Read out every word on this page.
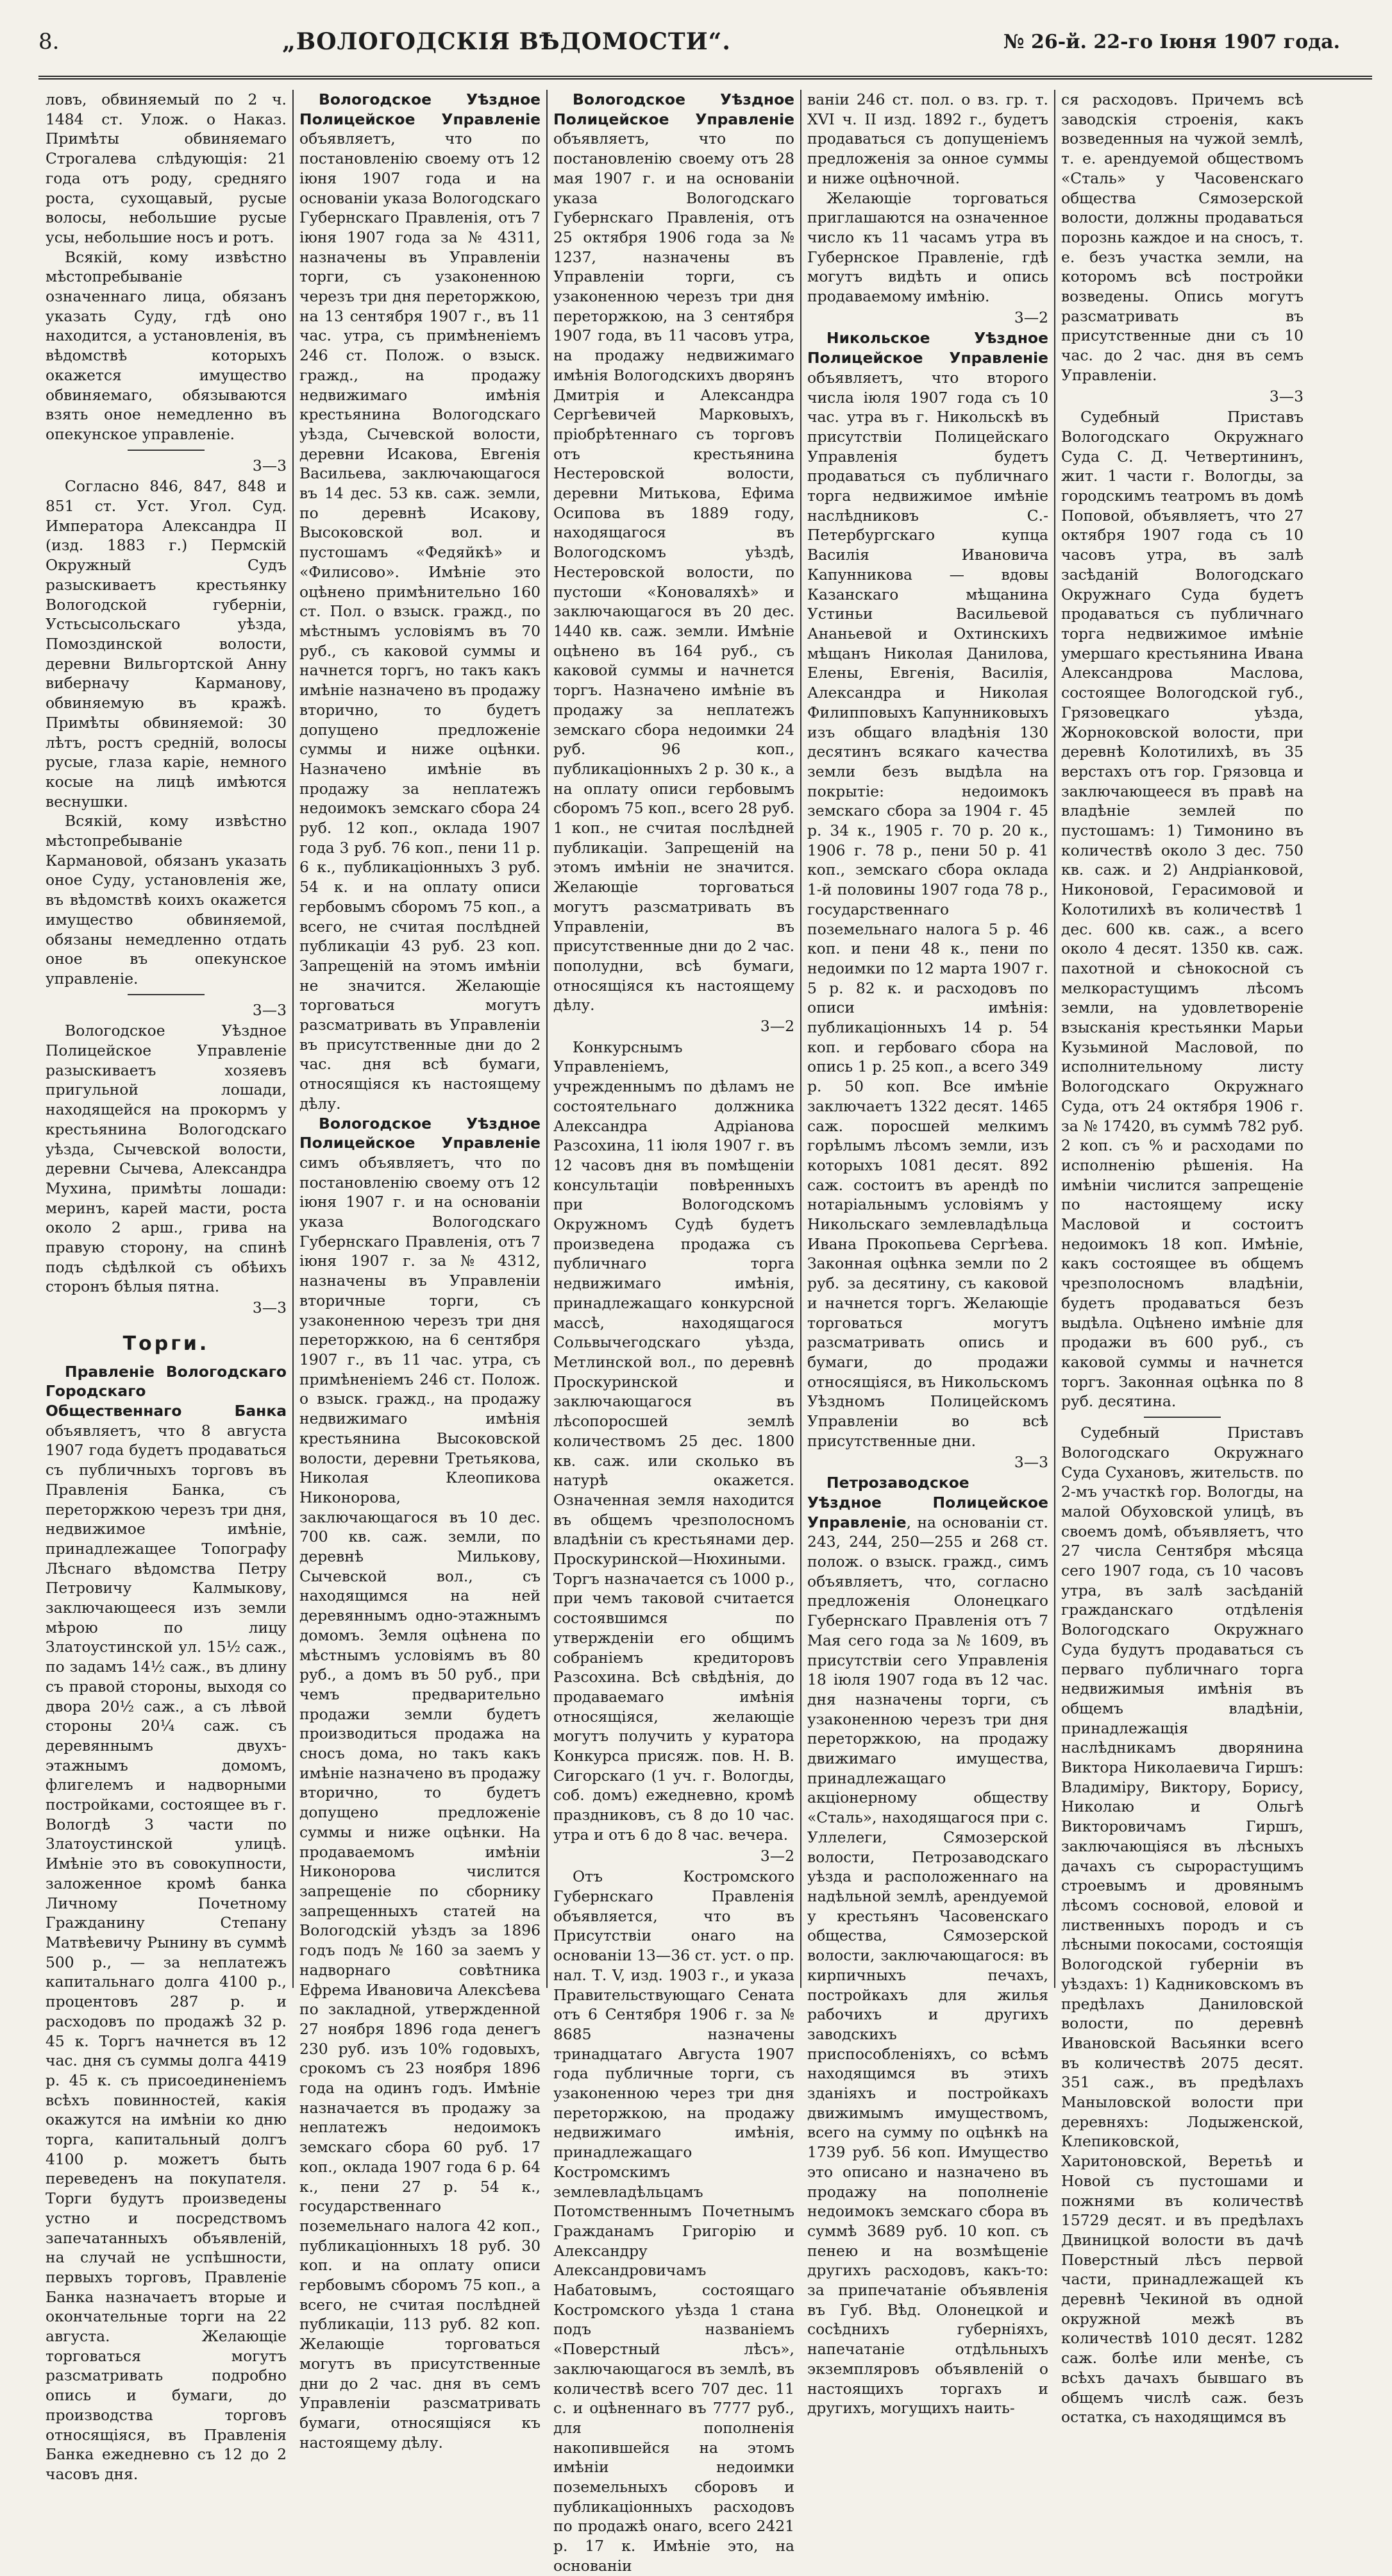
8.	„ВОЛОГОДСКІЯ ВѢДОМОСТИ“.	№ 26-й. 22-го Іюня 1907 года.

ловъ, обвиняемый по 2 ч. 1484 ст. Улож. о Наказ. Примѣты обвиняемаго Строгалева слѣдующія: 21 года отъ роду, средняго роста, сухощавый, русые волосы, небольшие русые усы, небольшие носъ и ротъ.

Всякій, кому извѣстно мѣстопребываніе означеннаго лица, обязанъ указать Суду, гдѣ оно находится, а установленія, въ вѣдомствѣ которыхъ окажется имущество обвиняемаго, обязываются взять оное немедленно въ опекунское управленіе.

3—3

Согласно 846, 847, 848 и 851 ст. Уст. Угол. Суд. Императора Александра II (изд. 1883 г.) Пермскій Окружный Судъ разыскиваетъ крестьянку Вологодской губерніи, Устьсысольскаго уѣзда, Помоздинской волости, деревни Вильгортской Анну виберначу Карманову, обвиняемую въ кражѣ. Примѣты обвиняемой: 30 лѣтъ, ростъ средній, волосы русые, глаза каріе, немного косые на лицѣ имѣются веснушки.

Всякій, кому извѣстно мѣстопребываніе Кармановой, обязанъ указать оное Суду, установленія же, въ вѣдомствѣ коихъ окажется имущество обвиняемой, обязаны немедленно отдать оное въ опекунское управленіе.

3—3

Вологодское Уѣздное Полицейское Управленіе разыскиваетъ хозяевъ пригульной лошади, находящейся на прокормъ у крестьянина Вологодскаго уѣзда, Сычевской волости, деревни Сычева, Александра Мухина, примѣты лошади: меринъ, карей масти, роста около 2 арш., грива на правую сторону, на спинѣ подъ сѣдѣлкой съ обѣихъ сторонъ бѣлыя пятна.

3—3
Торги.

Правленіе Вологодскаго Городскаго Общественнаго Банка объявляетъ, что 8 августа 1907 года будетъ продаваться съ публичныхъ торговъ въ Правленія Банка, съ переторжкою черезъ три дня, недвижимое имѣніе, принадлежащее Топографу Лѣснаго вѣдомства Петру Петровичу Калмыкову, заключающееся изъ земли мѣрою по лицу Златоустинской ул. 15½ саж., по задамъ 14½ саж., въ длину съ правой стороны, выходя со двора 20½ саж., а съ лѣвой стороны 20¼ саж. съ деревяннымъ двухъ-этажнымъ домомъ, флигелемъ и надворными постройками, состоящее въ г. Вологдѣ 3 части по Златоустинской улицѣ. Имѣніе это въ совокупности, заложенное кромѣ банка Личному Почетному Гражданину Степану Матвѣевичу Рынину въ суммѣ 500 р., — за неплатежъ капитальнаго долга 4100 р., процентовъ 287 р. и расходовъ по продажѣ 32 р. 45 к. Торгъ начнется въ 12 час. дня съ суммы долга 4419 р. 45 к. съ присоединеніемъ всѣхъ повинностей, какія окажутся на имѣніи ко дню торга, капитальный долгъ 4100 р. можетъ быть переведенъ на покупателя. Торги будутъ произведены устно и посредствомъ запечатанныхъ объявленій, на случай не успѣшности, первыхъ торговъ, Правленіе Банка назначаетъ вторые и окончательные торги на 22 августа. Желающіе торговаться могутъ разсматривать подробно опись и бумаги, до производства торговъ относящіяся, въ Правленія Банка ежедневно съ 12 до 2 часовъ дня.

Вологодское Уѣздное Полицейское Управленіе объявляетъ, что по постановленію своему отъ 12 іюня 1907 года и на основаніи указа Вологодскаго Губернскаго Правленія, отъ 7 іюня 1907 года за № 4311, назначены въ Управленіи торги, съ узаконенною черезъ три дня переторжкою, на 13 сентября 1907 г., въ 11 час. утра, съ примѣненіемъ 246 ст. Полож. о взыск. гражд., на продажу недвижимаго имѣнія крестьянина Вологодскаго уѣзда, Сычевской волости, деревни Исакова, Евгенія Васильева, заключающагося въ 14 дес. 53 кв. саж. земли, по деревнѣ Исакову, Высоковской вол. и пустошамъ «Федяйкѣ» и «Филисово». Имѣніе это оцѣнено примѣнительно 160 ст. Пол. о взыск. гражд., по мѣстнымъ условіямъ въ 70 руб., съ каковой суммы и начнется торгъ, но такъ какъ имѣніе назначено въ продажу вторично, то будетъ допущено предложеніе суммы и ниже оцѣнки. Назначено имѣніе въ продажу за неплатежъ недоимокъ земскаго сбора 24 руб. 12 коп., оклада 1907 года 3 руб. 76 коп., пени 11 р. 6 к., публикаціонныхъ 3 руб. 54 к. и на оплату описи гербовымъ сборомъ 75 коп., а всего, не считая послѣдней публикаціи 43 руб. 23 коп. Запрещеній на этомъ имѣніи не значится. Желающіе торговаться могутъ разсматривать въ Управленіи въ присутственные дни до 2 час. дня всѣ бумаги, относящіяся къ настоящему дѣлу.

Вологодское Уѣздное Полицейское Управленіе симъ объявляетъ, что по постановленію своему отъ 12 іюня 1907 г. и на основаніи указа Вологодскаго Губернскаго Правленія, отъ 7 іюня 1907 г. за № 4312, назначены въ Управленіи вторичные торги, съ узаконенною черезъ три дня переторжкою, на 6 сентября 1907 г., въ 11 час. утра, съ примѣненіемъ 246 ст. Полож. о взыск. гражд., на продажу недвижимаго имѣнія крестьянина Высоковской волости, деревни Третьякова, Николая Клеопикова Никонорова, заключающагося въ 10 дес. 700 кв. саж. земли, по деревнѣ Милькову, Сычевской вол., съ находящимся на ней деревяннымъ одно-этажнымъ домомъ. Земля оцѣнена по мѣстнымъ условіямъ въ 80 руб., а домъ въ 50 руб., при чемъ предварительно продажи земли будетъ производиться продажа на сносъ дома, но такъ какъ имѣніе назначено въ продажу вторично, то будетъ допущено предложеніе суммы и ниже оцѣнки. На продаваемомъ имѣніи Никонорова числится запрещеніе по сборнику запрещенныхъ статей на Вологодскій уѣздъ за 1896 годъ подъ № 160 за заемъ у надворнаго совѣтника Ефрема Ивановича Алексѣева по закладной, утвержденной 27 ноября 1896 года денегъ 230 руб. изъ 10% годовыхъ, срокомъ съ 23 ноября 1896 года на одинъ годъ. Имѣніе назначается въ продажу за неплатежъ недоимокъ земскаго сбора 60 руб. 17 коп., оклада 1907 года 6 р. 64 к., пени 27 р. 54 к., государственнаго поземельнаго налога 42 коп., публикаціонныхъ 18 руб. 30 коп. и на оплату описи гербовымъ сборомъ 75 коп., а всего, не считая послѣдней публикаціи, 113 руб. 82 коп. Желающіе торговаться могутъ въ присутственные дни до 2 час. дня въ семъ Управленіи разсматривать бумаги, относящіяся къ настоящему дѣлу.

Вологодское Уѣздное Полицейское Управленіе объявляетъ, что по постановленію своему отъ 28 мая 1907 г. и на основаніи указа Вологодскаго Губернскаго Правленія, отъ 25 октября 1906 года за № 1237, назначены въ Управленіи торги, съ узаконенною черезъ три дня переторжкою, на 3 сентября 1907 года, въ 11 часовъ утра, на продажу недвижимаго имѣнія Вологодскихъ дворянъ Дмитрія и Александра Сергѣевичей Марковыхъ, пріобрѣтеннаго съ торговъ отъ крестьянина Нестеровской волости, деревни Митькова, Ефима Осипова въ 1889 году, находящагося въ Вологодскомъ уѣздѣ, Нестеровской волости, по пустоши «Коноваляхѣ» и заключающагося въ 20 дес. 1440 кв. саж. земли. Имѣніе оцѣнено въ 164 руб., съ каковой суммы и начнется торгъ. Назначено имѣніе въ продажу за неплатежъ земскаго сбора недоимки 24 руб. 96 коп., публикаціонныхъ 2 р. 30 к., а на оплату описи гербовымъ сборомъ 75 коп., всего 28 руб. 1 коп., не считая послѣдней публикаціи. Запрещеній на этомъ имѣніи не значится. Желающіе торговаться могутъ разсматривать въ Управленіи, въ присутственные дни до 2 час. пополудни, всѣ бумаги, относящіяся къ настоящему дѣлу.

3—2

Конкурснымъ Управленіемъ, учрежденнымъ по дѣламъ не состоятельнаго должника Александра Адріанова Разсохина, 11 іюля 1907 г. въ 12 часовъ дня въ помѣщеніи консультаціи повѣренныхъ при Вологодскомъ Окружномъ Судѣ будетъ произведена продажа съ публичнаго торга недвижимаго имѣнія, принадлежащаго конкурсной массѣ, находящагося Сольвычегодскаго уѣзда, Метлинской вол., по деревнѣ Проскуринской и заключающагося въ лѣсопоросшей землѣ количествомъ 25 дес. 1800 кв. саж. или сколько въ натурѣ окажется. Означенная земля находится въ общемъ чрезполосномъ владѣніи съ крестьянами дер. Проскуринской—Нюхиными. Торгъ назначается съ 1000 р., при чемъ таковой считается состоявшимся по утвержденіи его общимъ собраніемъ кредиторовъ Разсохина. Всѣ свѣдѣнія, до продаваемаго имѣнія относящіяся, желающіе могутъ получить у куратора Конкурса присяж. пов. Н. В. Сигорскаго (1 уч. г. Вологды, соб. домъ) ежедневно, кромѣ праздниковъ, съ 8 до 10 час. утра и отъ 6 до 8 час. вечера.

3—2

Отъ Костромского Губернскаго Правленія объявляется, что въ Присутствіи онаго на основаніи 13—36 ст. уст. о пр. нал. Т. V, изд. 1903 г., и указа Правительствующаго Сената отъ 6 Сентября 1906 г. за № 8685 назначены тринадцатаго Августа 1907 года публичные торги, съ узаконенною через три дня переторжкою, на продажу недвижимаго имѣнія, принадлежащаго Костромскимъ землевладѣльцамъ Потомственнымъ Почетнымъ Гражданамъ Григорію и Александру Александровичамъ Набатовымъ, состоящаго Костромского уѣзда 1 стана подъ названіемъ «Поверстный лѣсъ», заключающагося въ землѣ, въ количествѣ всего 707 дес. 11 с. и оцѣненнаго въ 7777 руб., для пополненія накопившейся на этомъ имѣніи недоимки поземельныхъ сборовъ и публикаціонныхъ расходовъ по продажѣ онаго, всего 2421 р. 17 к. Имѣніе это, на основаніи

ваніи 246 ст. пол. о вз. гр. т. XVI ч. II изд. 1892 г., будетъ продаваться съ допущеніемъ предложенія за онное суммы и ниже оцѣночной.

Желающіе торговаться приглашаются на означенное число къ 11 часамъ утра въ Губернское Правленіе, гдѣ могутъ видѣть и опись продаваемому имѣнію.

3—2

Никольское Уѣздное Полицейское Управленіе объявляетъ, что второго числа іюля 1907 года съ 10 час. утра въ г. Никольскѣ въ присутствіи Полицейскаго Управленія будетъ продаваться съ публичнаго торга недвижимое имѣніе наслѣдниковъ С.-Петербургскаго купца Василія Ивановича Капунникова — вдовы Казанскаго мѣщанина Устиньи Васильевой Ананьевой и Охтинскихъ мѣщанъ Николая Данилова, Елены, Евгенія, Василія, Александра и Николая Филипповыхъ Капунниковыхъ изъ общаго владѣнія 130 десятинъ всякаго качества земли безъ выдѣла на покрытіе: недоимокъ земскаго сбора за 1904 г. 45 р. 34 к., 1905 г. 70 р. 20 к., 1906 г. 78 р., пени 50 р. 41 коп., земскаго сбора оклада 1-й половины 1907 года 78 р., государственнаго поземельнаго налога 5 р. 46 коп. и пени 48 к., пени по недоимки по 12 марта 1907 г. 5 р. 82 к. и расходовъ по описи имѣнія: публикаціонныхъ 14 р. 54 коп. и гербоваго сбора на опись 1 р. 25 коп., а всего 349 р. 50 коп. Все имѣніе заключаетъ 1322 десят. 1465 саж. поросшей мелкимъ горѣлымъ лѣсомъ земли, изъ которыхъ 1081 десят. 892 саж. состоитъ въ арендѣ по нотаріальнымъ условіямъ у Никольскаго землевладѣльца Ивана Прокопьева Сергѣева. Законная оцѣнка земли по 2 руб. за десятину, съ каковой и начнется торгъ. Желающіе торговаться могутъ разсматривать опись и бумаги, до продажи относящіяся, въ Никольскомъ Уѣздномъ Полицейскомъ Управленіи во всѣ присутственные дни.

3—3

Петрозаводское Уѣздное Полицейское Управленіе, на основаніи ст. 243, 244, 250—255 и 268 ст. полож. о взыск. гражд., симъ объявляетъ, что, согласно предложенія Олонецкаго Губернскаго Правленія отъ 7 Мая сего года за № 1609, въ присутствіи сего Управленія 18 іюля 1907 года въ 12 час. дня назначены торги, съ узаконенною черезъ три дня переторжкою, на продажу движимаго имущества, принадлежащаго акціонерному обществу «Сталь», находящагося при с. Уллелеги, Сямозерской волости, Петрозаводскаго уѣзда и расположеннаго на надѣльной землѣ, арендуемой у крестьянъ Часовенскаго общества, Сямозерской волости, заключающагося: въ кирпичныхъ печахъ, постройкахъ для жилья рабочихъ и другихъ заводскихъ приспособленіяхъ, со всѣмъ находящимся въ этихъ зданіяхъ и постройкахъ движимымъ имуществомъ, всего на сумму по оцѣнкѣ на 1739 руб. 56 коп. Имущество это описано и назначено въ продажу на пополненіе недоимокъ земскаго сбора въ суммѣ 3689 руб. 10 коп. съ пенею и на возмѣщеніе другихъ расходовъ, какъ-то: за припечатаніе объявленія въ Губ. Вѣд. Олонецкой и сосѣднихъ губерніяхъ, напечатаніе отдѣльныхъ экземпляровъ объявленій о настоящихъ торгахъ и другихъ, могущихъ наить-

ся расходовъ. Причемъ всѣ заводскія строенія, какъ возведенныя на чужой землѣ, т. е. арендуемой обществомъ «Сталь» у Часовенскаго общества Сямозерской волости, должны продаваться порознь каждое и на сносъ, т. е. безъ участка земли, на которомъ всѣ постройки возведены. Опись могутъ разсматривать въ присутственные дни съ 10 час. до 2 час. дня въ семъ Управленіи.

3—3

Судебный Приставъ Вологодскаго Окружнаго Суда С. Д. Четвертининъ, жит. 1 части г. Вологды, за городскимъ театромъ въ домѣ Поповой, объявляетъ, что 27 октября 1907 года съ 10 часовъ утра, въ залѣ засѣданій Вологодскаго Окружнаго Суда будетъ продаваться съ публичнаго торга недвижимое имѣніе умершаго крестьянина Ивана Александрова Маслова, состоящее Вологодской губ., Грязовецкаго уѣзда, Жорноковской волости, при деревнѣ Колотилихѣ, въ 35 верстахъ отъ гор. Грязовца и заключающееся въ правѣ на владѣніе землей по пустошамъ: 1) Тимонино въ количествѣ около 3 дес. 750 кв. саж. и 2) Андріанковой, Никоновой, Герасимовой и Колотилихѣ въ количествѣ 1 дес. 600 кв. саж., а всего около 4 десят. 1350 кв. саж. пахотной и сѣнокосной съ мелкорастущимъ лѣсомъ земли, на удовлетвореніе взысканія крестьянки Марьи Кузьминой Масловой, по исполнительному листу Вологодскаго Окружнаго Суда, отъ 24 октября 1906 г. за № 17420, въ суммѣ 782 руб. 2 коп. съ % и расходами по исполненію рѣшенія. На имѣніи числится запрещеніе по настоящему иску Масловой и состоитъ недоимокъ 18 коп. Имѣніе, какъ состоящее въ общемъ чрезполосномъ владѣніи, будетъ продаваться безъ выдѣла. Оцѣнено имѣніе для продажи въ 600 руб., съ каковой суммы и начнется торгъ. Законная оцѣнка по 8 руб. десятина.

Судебный Приставъ Вологодскаго Окружнаго Суда Сухановъ, жительств. по 2-мъ участкѣ гор. Вологды, на малой Обуховской улицѣ, въ своемъ домѣ, объявляетъ, что 27 числа Сентября мѣсяца сего 1907 года, съ 10 часовъ утра, въ залѣ засѣданій гражданскаго отдѣленія Вологодскаго Окружнаго Суда будутъ продаваться съ перваго публичнаго торга недвижимыя имѣнія въ общемъ владѣніи, принадлежащія наслѣдникамъ дворянина Виктора Николаевича Гиршъ: Владиміру, Виктору, Борису, Николаю и Ольгѣ Викторовичамъ Гиршъ, заключающіяся въ лѣсныхъ дачахъ съ сырорастущимъ строевымъ и дровянымъ лѣсомъ сосновой, еловой и лиственныхъ породъ и съ лѣсными покосами, состоящія Вологодской губерніи въ уѣздахъ: 1) Кадниковскомъ въ предѣлахъ Даниловской волости, по деревнѣ Ивановской Васьянки всего въ количествѣ 2075 десят. 351 саж., въ предѣлахъ Маныловской волости при деревняхъ: Лодыженской, Клепиковской, Харитоновской, Веретьѣ и Новой съ пустошами и пожнями въ количествѣ 15729 десят. и въ предѣлахъ Двиницкой волости въ дачѣ Поверстный лѣсъ первой части, принадлежащей къ деревнѣ Чекиной въ одной окружной межѣ въ количествѣ 1010 десят. 1282 саж. болѣе или менѣе, съ всѣхъ дачахъ бывшаго въ общемъ числѣ саж. безъ остатка, съ находящимся въ
